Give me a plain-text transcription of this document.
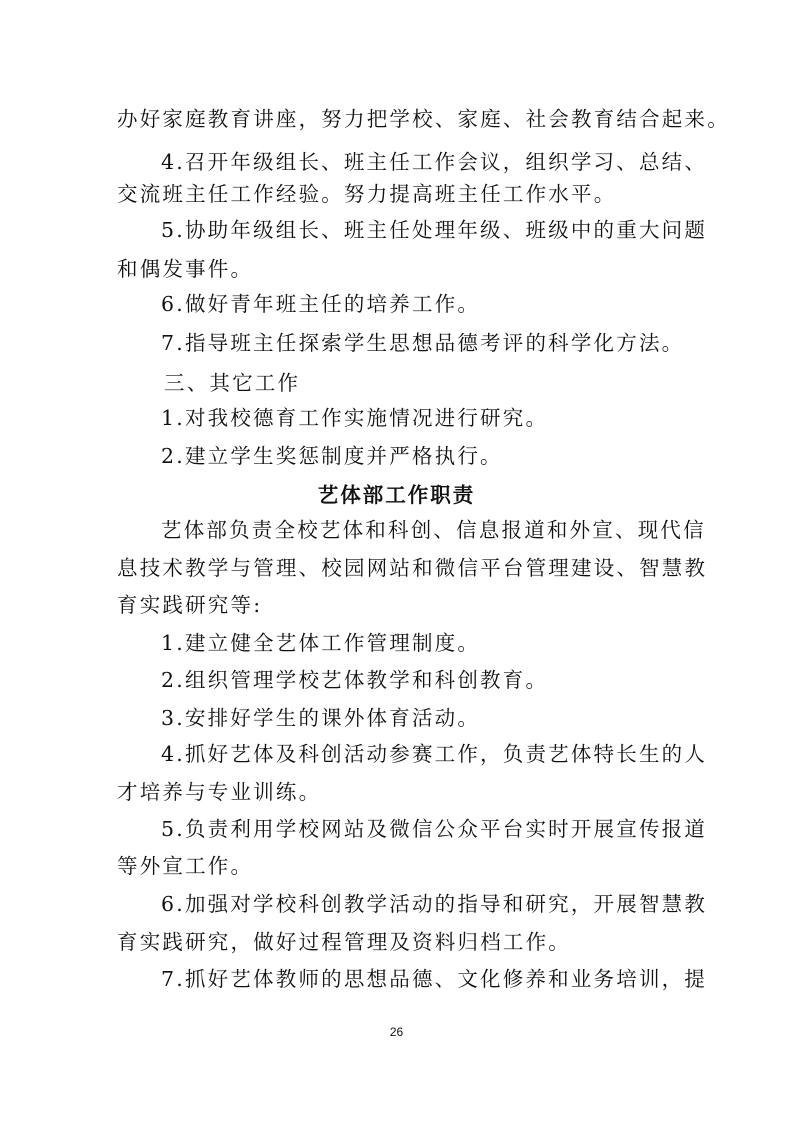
办好家庭教育讲座，努力把学校、家庭、社会教育结合起来。
4.召开年级组长、班主任工作会议，组织学习、总结、
交流班主任工作经验。努力提高班主任工作水平。
5.协助年级组长、班主任处理年级、班级中的重大问题
和偶发事件。
6.做好青年班主任的培养工作。
7.指导班主任探索学生思想品德考评的科学化方法。
三、其它工作
1.对我校德育工作实施情况进行研究。
2.建立学生奖惩制度并严格执行。
艺体部工作职责
艺体部负责全校艺体和科创、信息报道和外宣、现代信
息技术教学与管理、校园网站和微信平台管理建设、智慧教
育实践研究等:
1.建立健全艺体工作管理制度。
2.组织管理学校艺体教学和科创教育。
3.安排好学生的课外体育活动。
4.抓好艺体及科创活动参赛工作，负责艺体特长生的人
才培养与专业训练。
5.负责利用学校网站及微信公众平台实时开展宣传报道
等外宣工作。
6.加强对学校科创教学活动的指导和研究，开展智慧教
育实践研究，做好过程管理及资料归档工作。
7.抓好艺体教师的思想品德、文化修养和业务培训，提
26
